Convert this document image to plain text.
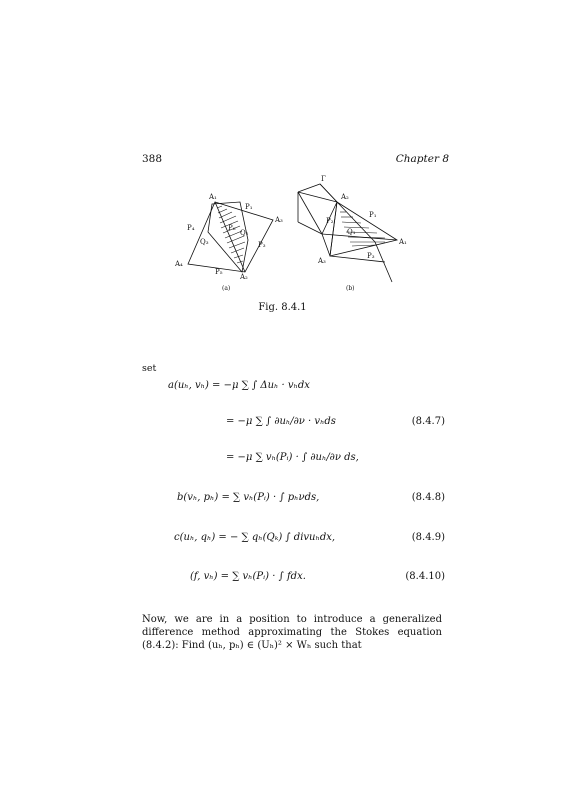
388	Chapter 8
A₁
A₂
A₃
A₄
P₁
P₃
P₅
P₄	P₆
Q₁
Q₃
(a)
Γ
A₂
A₁
A₃
P₁
P₂
P₃
Q₁
(b)
Fig. 8.4.1
set
a(uₕ, vₕ) = −μ ∑ ∫ Δuₕ · vₕdx
= −μ ∑ ∫ ∂uₕ/∂ν · vₕds	(8.4.7)
= −μ ∑ vₕ(Pᵢ) · ∫ ∂uₕ/∂ν ds,
b(vₕ, pₕ) = ∑ vₕ(Pᵢ) · ∫ pₕνds,	(8.4.8)
c(uₕ, qₕ) = − ∑ qₕ(Qₖ) ∫ divuₕdx,	(8.4.9)
(f, vₕ) = ∑ vₕ(Pᵢ) · ∫ fdx.	(8.4.10)
Now, we are in a position to introduce a generalized difference method approximating the Stokes equation (8.4.2): Find (uₕ, pₕ) ∈ (Uₕ)² × Wₕ such that
